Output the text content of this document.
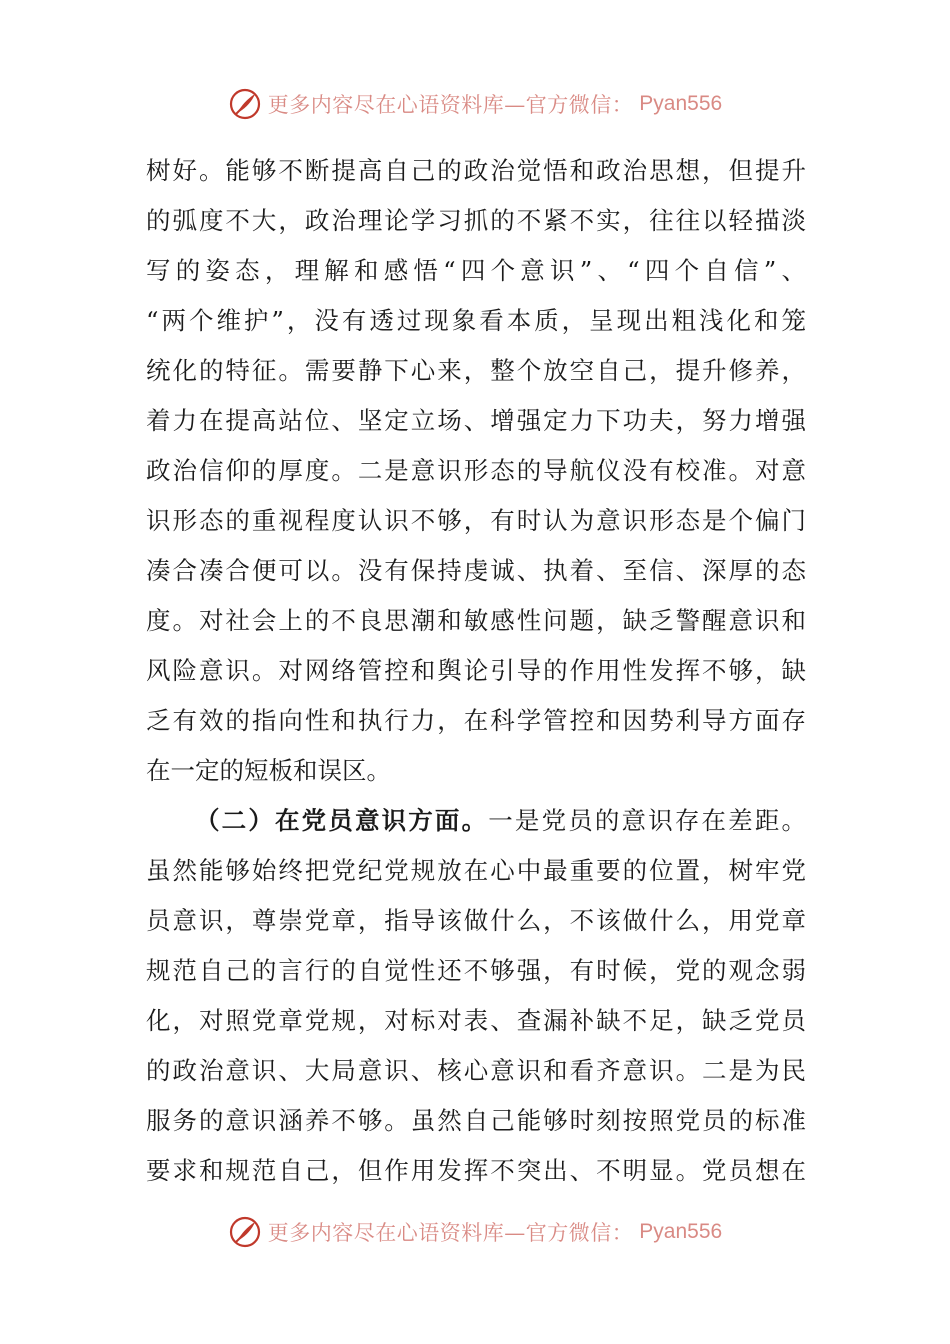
更多内容尽在心语资料库—官方微信： Pyan556
树好。能够不断提高自己的政治觉悟和政治思想，但提升
的弧度不大，政治理论学习抓的不紧不实，往往以轻描淡
写的姿态，理解和感悟“四个意识”、“四个自信”、
“两个维护”，没有透过现象看本质，呈现出粗浅化和笼
统化的特征。需要静下心来，整个放空自己，提升修养，
着力在提高站位、坚定立场、增强定力下功夫，努力增强
政治信仰的厚度。二是意识形态的导航仪没有校准。对意
识形态的重视程度认识不够，有时认为意识形态是个偏门
凑合凑合便可以。没有保持虔诚、执着、至信、深厚的态
度。对社会上的不良思潮和敏感性问题，缺乏警醒意识和
风险意识。对网络管控和舆论引导的作用性发挥不够，缺
乏有效的指向性和执行力，在科学管控和因势利导方面存
在一定的短板和误区。
（二）在党员意识方面。一是党员的意识存在差距。
虽然能够始终把党纪党规放在心中最重要的位置，树牢党
员意识，尊崇党章，指导该做什么，不该做什么，用党章
规范自己的言行的自觉性还不够强，有时候，党的观念弱
化，对照党章党规，对标对表、查漏补缺不足，缺乏党员
的政治意识、大局意识、核心意识和看齐意识。二是为民
服务的意识涵养不够。虽然自己能够时刻按照党员的标准
要求和规范自己，但作用发挥不突出、不明显。党员想在
更多内容尽在心语资料库—官方微信： Pyan556
